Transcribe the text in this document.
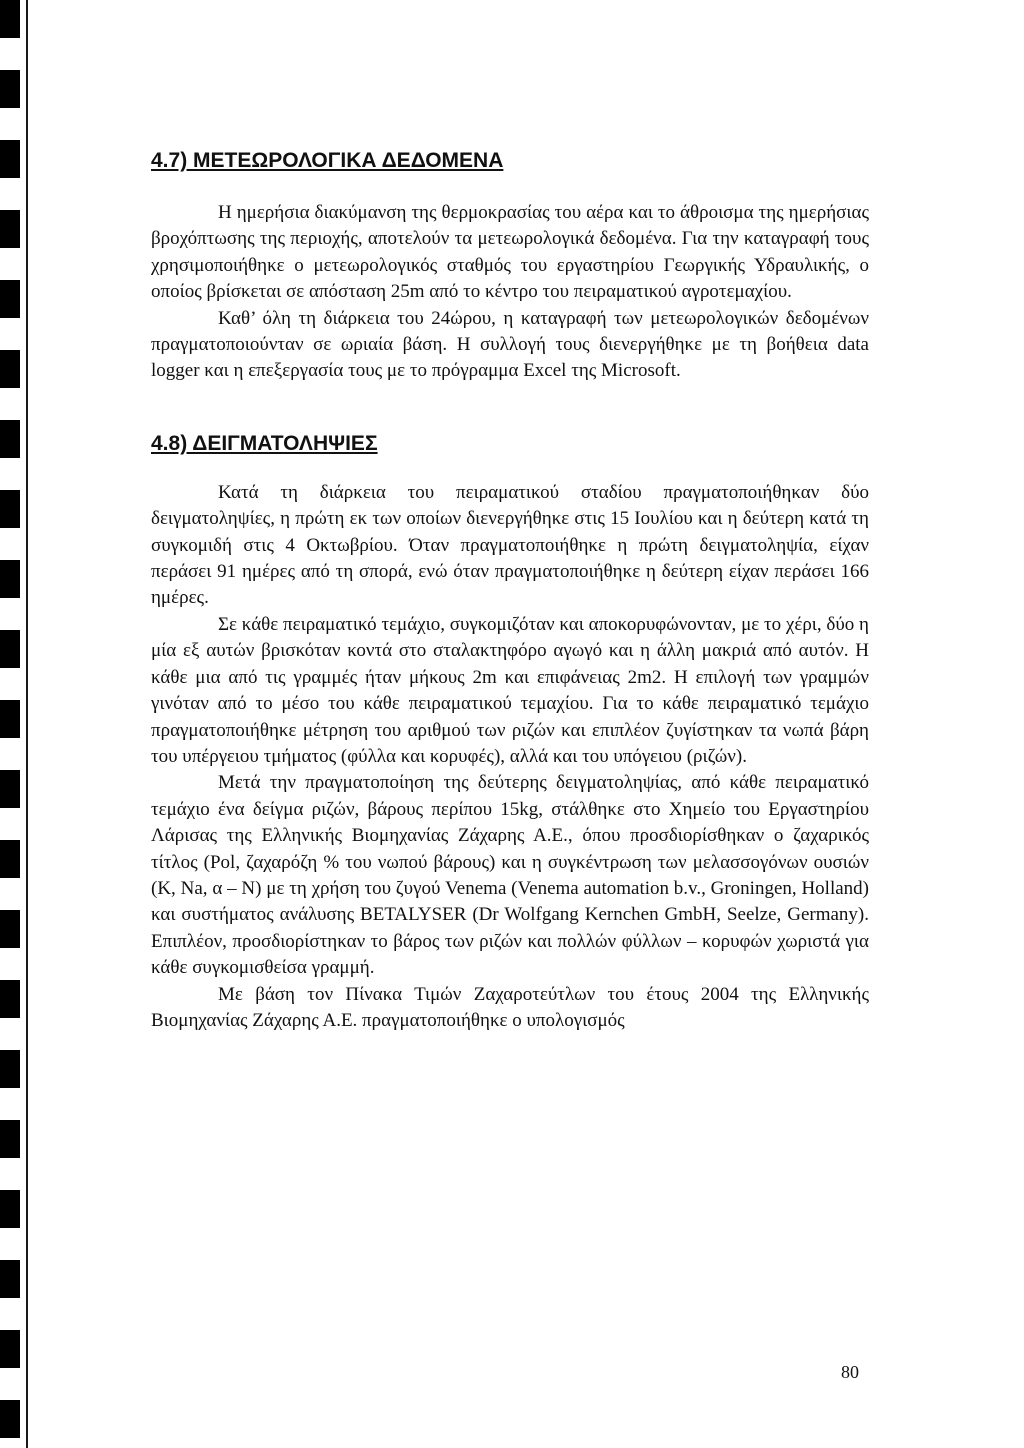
4.7) ΜΕΤΕΩΡΟΛΟΓΙΚΑ ΔΕΔΟΜΕΝΑ

Η ημερήσια διακύμανση της θερμοκρασίας του αέρα και το άθροισμα της ημερήσιας βροχόπτωσης της περιοχής, αποτελούν τα μετεωρολογικά δεδομένα. Για την καταγραφή τους χρησιμοποιήθηκε ο μετεωρολογικός σταθμός του εργαστηρίου Γεωργικής Υδραυλικής, ο οποίος βρίσκεται σε απόσταση 25m από το κέντρο του πειραματικού αγροτεμαχίου.

Καθ’ όλη τη διάρκεια του 24ώρου, η καταγραφή των μετεωρολογικών δεδομένων πραγματοποιούνταν σε ωριαία βάση. Η συλλογή τους διενεργήθηκε με τη βοήθεια data logger και η επεξεργασία τους με το πρόγραμμα Excel της Microsoft.

4.8) ΔΕΙΓΜΑΤΟΛΗΨΙΕΣ

Κατά τη διάρκεια του πειραματικού σταδίου πραγματοποιήθηκαν δύο δειγματοληψίες, η πρώτη εκ των οποίων διενεργήθηκε στις 15 Ιουλίου και η δεύτερη κατά τη συγκομιδή στις 4 Οκτωβρίου. Όταν πραγματοποιήθηκε η πρώτη δειγματοληψία, είχαν περάσει 91 ημέρες από τη σπορά, ενώ όταν πραγματοποιήθηκε η δεύτερη είχαν περάσει 166 ημέρες.

Σε κάθε πειραματικό τεμάχιο, συγκομιζόταν και αποκορυφώνονταν, με το χέρι, δύο η μία εξ αυτών βρισκόταν κοντά στο σταλακτηφόρο αγωγό και η άλλη μακριά από αυτόν. Η κάθε μια από τις γραμμές ήταν μήκους 2m και επιφάνειας 2m2. Η επιλογή των γραμμών γινόταν από το μέσο του κάθε πειραματικού τεμαχίου. Για το κάθε πειραματικό τεμάχιο πραγματοποιήθηκε μέτρηση του αριθμού των ριζών και επιπλέον ζυγίστηκαν τα νωπά βάρη του υπέργειου τμήματος (φύλλα και κορυφές), αλλά και του υπόγειου (ριζών).

Μετά την πραγματοποίηση της δεύτερης δειγματοληψίας, από κάθε πειραματικό τεμάχιο ένα δείγμα ριζών, βάρους περίπου 15kg, στάλθηκε στο Χημείο του Εργαστηρίου Λάρισας της Ελληνικής Βιομηχανίας Ζάχαρης Α.Ε., όπου προσδιορίσθηκαν ο ζαχαρικός τίτλος (Pol, ζαχαρόζη % του νωπού βάρους) και η συγκέντρωση των μελασσογόνων ουσιών (K, Na, α – N) με τη χρήση του ζυγού Venema (Venema automation b.v., Groningen, Holland) και συστήματος ανάλυσης BETALYSER (Dr Wolfgang Kernchen GmbH, Seelze, Germany). Επιπλέον, προσδιορίστηκαν το βάρος των ριζών και πολλών φύλλων – κορυφών χωριστά για κάθε συγκομισθείσα γραμμή.

Με βάση τον Πίνακα Τιμών Ζαχαροτεύτλων του έτους 2004 της Ελληνικής Βιομηχανίας Ζάχαρης Α.Ε. πραγματοποιήθηκε ο υπολογισμός

80
